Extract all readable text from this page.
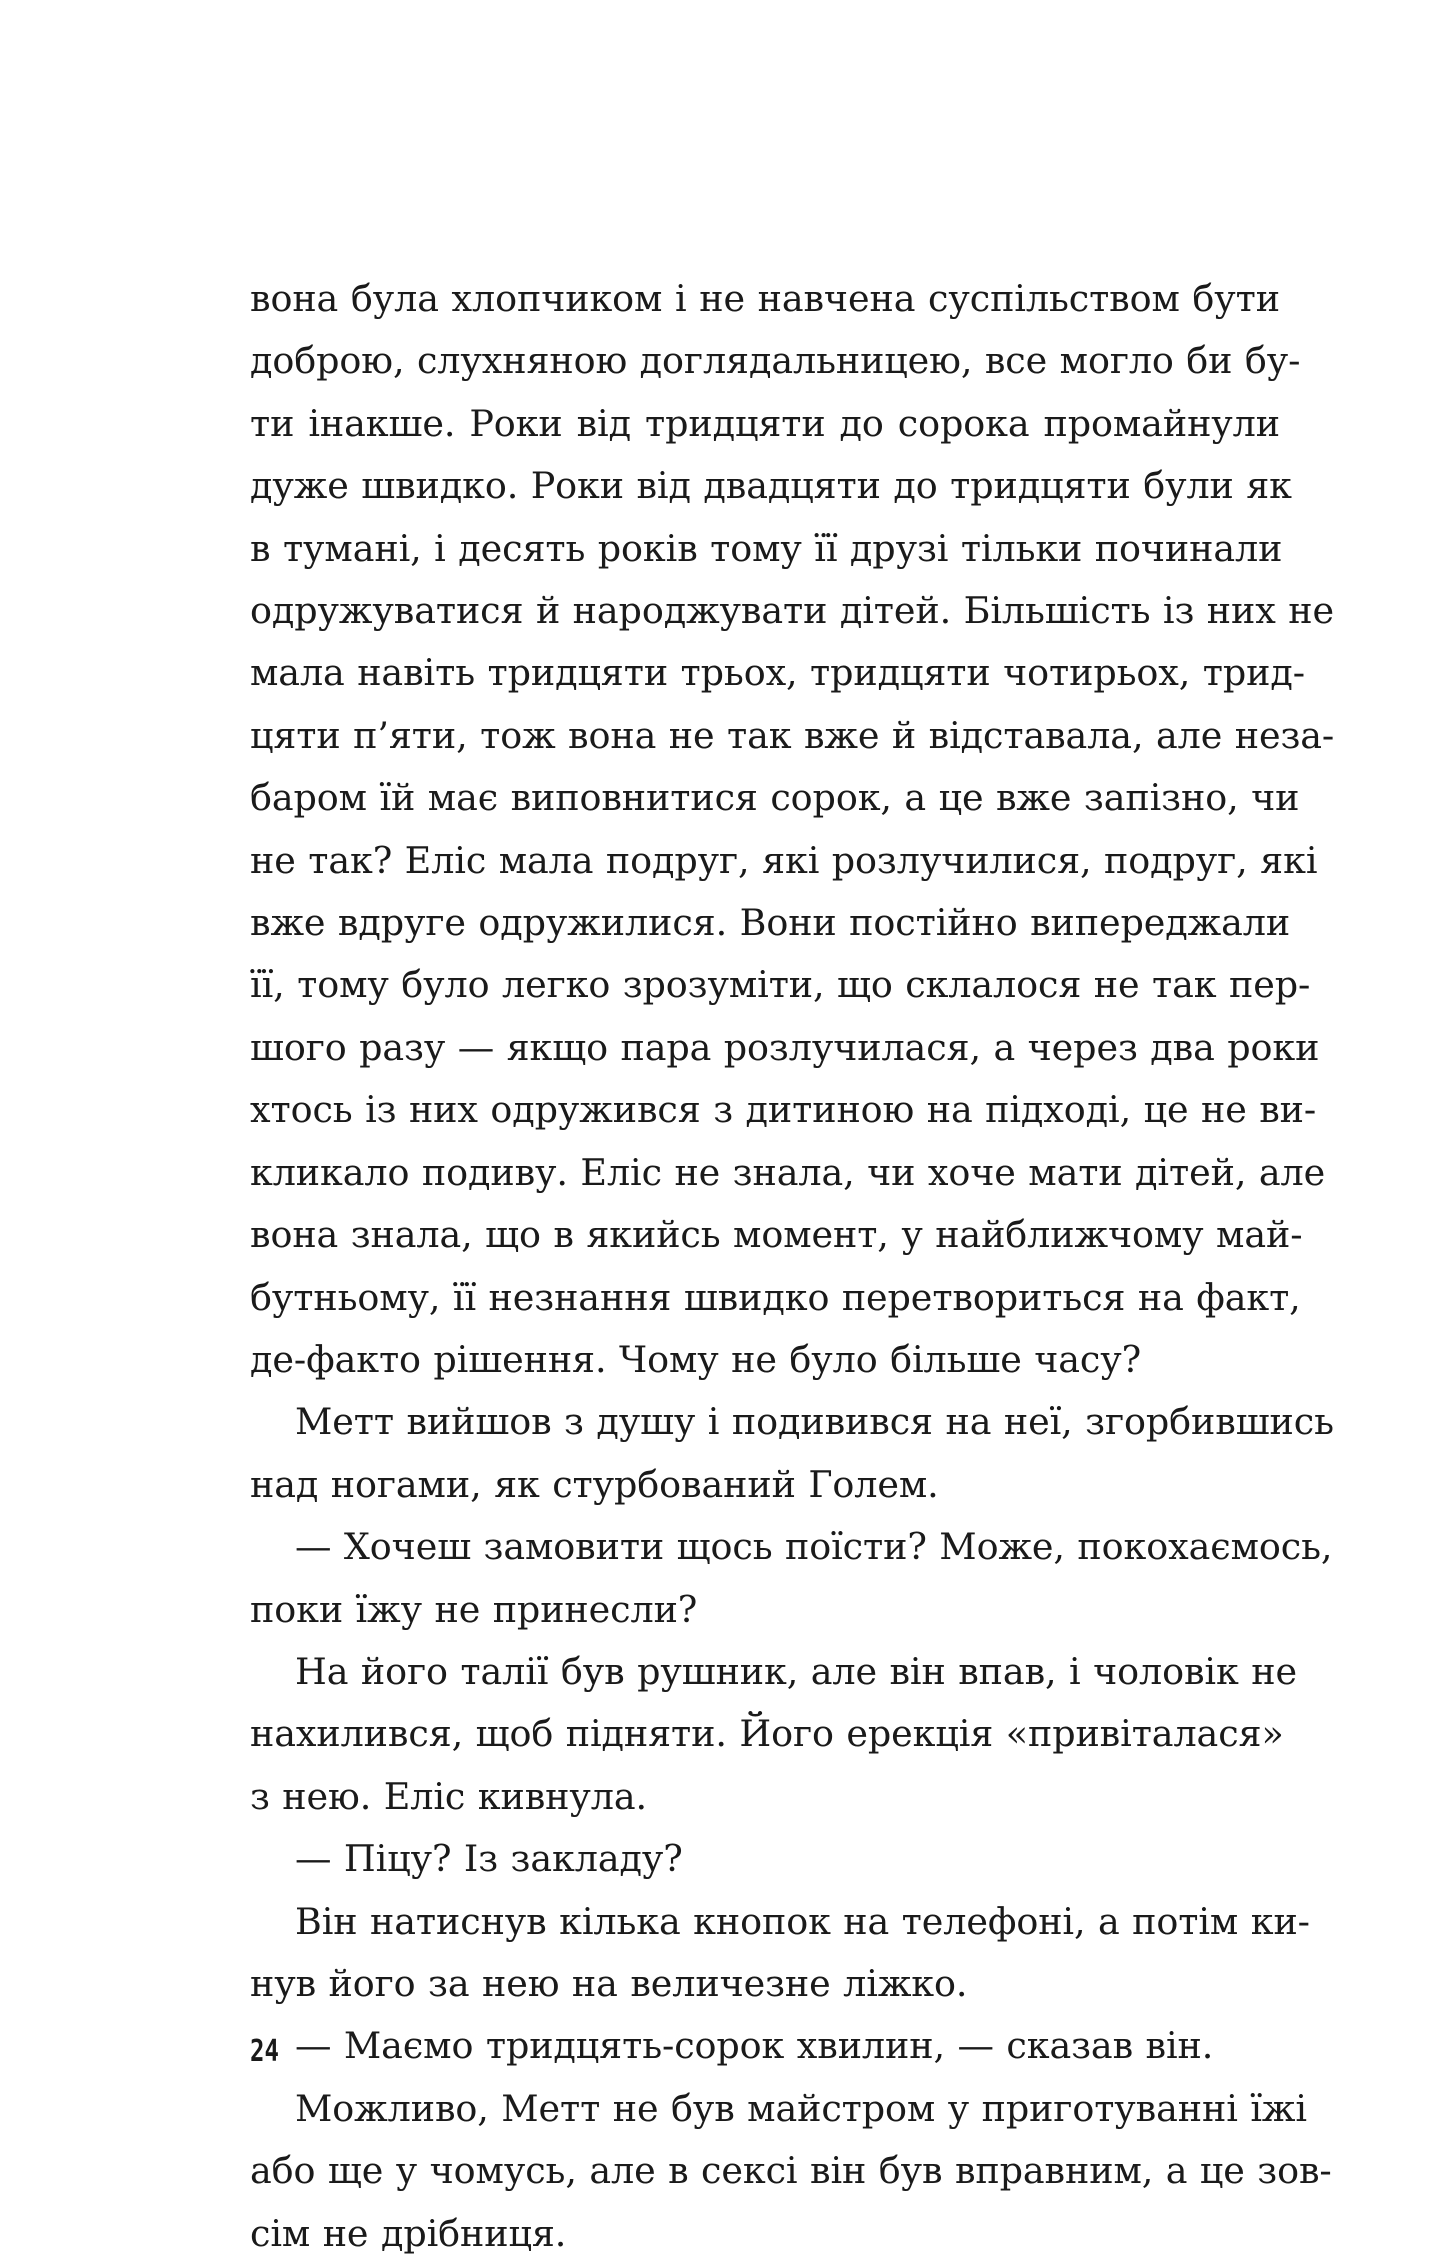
вона була хлопчиком і не навчена суспільством бути
доброю, слухняною доглядальницею, все могло би бу-
ти інакше. Роки від тридцяти до сорока промайнули
дуже швидко. Роки від двадцяти до тридцяти були як
в тумані, і десять років тому її друзі тільки починали
одружуватися й народжувати дітей. Більшість із них не
мала навіть тридцяти трьох, тридцяти чотирьох, трид-
цяти п’яти, тож вона не так вже й відставала, але неза-
баром їй має виповнитися сорок, а це вже запізно, чи
не так? Еліс мала подруг, які розлучилися, подруг, які
вже вдруге одружилися. Вони постійно випереджали
її, тому було легко зрозуміти, що склалося не так пер-
шого разу — якщо пара розлучилася, а через два роки
хтось із них одружився з дитиною на підході, це не ви-
кликало подиву. Еліс не знала, чи хоче мати дітей, але
вона знала, що в якийсь момент, у найближчому май-
бутньому, її незнання швидко перетвориться на факт,
де-факто рішення. Чому не було більше часу?
Метт вийшов з душу і подивився на неї, згорбившись
над ногами, як стурбований Голем.
— Хочеш замовити щось поїсти? Може, покохаємось,
поки їжу не принесли?
На його талії був рушник, але він впав, і чоловік не
нахилився, щоб підняти. Його ерекція «привіталася»
з нею. Еліс кивнула.
— Піцу? Із закладу?
Він натиснув кілька кнопок на телефоні, а потім ки-
нув його за нею на величезне ліжко.
— Маємо тридцять-сорок хвилин, — сказав він.
Можливо, Метт не був майстром у приготуванні їжі
або ще у чомусь, але в сексі він був вправним, а це зов-
сім не дрібниця.
24
